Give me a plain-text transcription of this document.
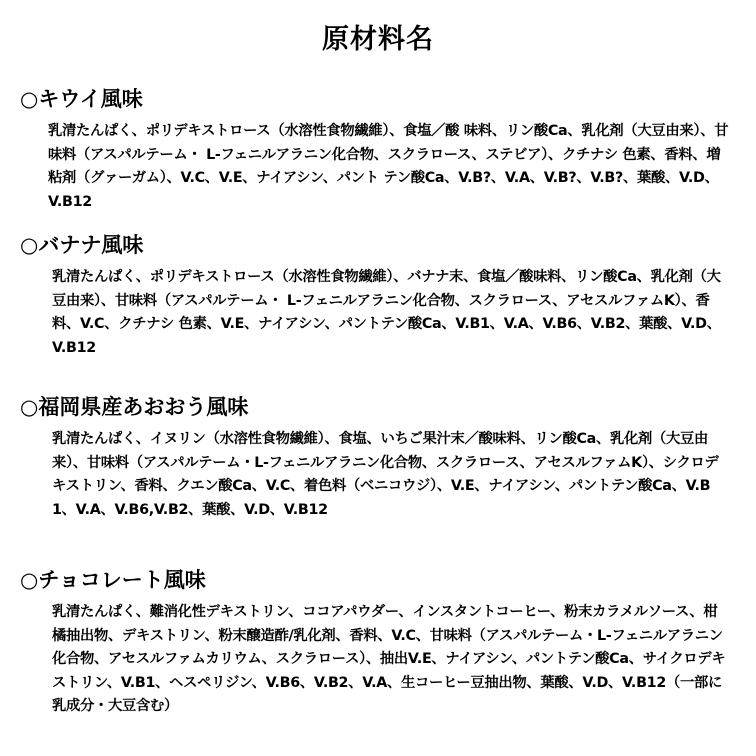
原材料名

○キウイ風味

乳清たんぱく、ポリデキストロース（水溶性食物繊維）、食塩／酸 味料、リン酸Ca、乳化剤（大豆由来）、甘味料（アスパルテーム・ L-フェニルアラニン化合物、スクラロース、ステビア）、クチナシ 色素、香料、増粘剤（グァーガム）、V.C、V.E、ナイアシン、パント テン酸Ca、V.B?、V.A、V.B?、V.B?、葉酸、V.D、V.B12

○バナナ風味

乳清たんぱく、ポリデキストロース（水溶性食物繊維）、バナナ末、食塩／酸味料、リン酸Ca、乳化剤（大豆由来）、甘味料（アスパルテーム・ L-フェニルアラニン化合物、スクラロース、アセスルファムK）、香料、V.C、クチナシ 色素、V.E、ナイアシン、パントテン酸Ca、V.B1、V.A、V.B6、V.B2、葉酸、V.D、V.B12

○福岡県産あおおう風味

乳清たんぱく、イヌリン（水溶性食物繊維）、食塩、いちご果汁末／酸味料、リン酸Ca、乳化剤（大豆由来）、甘味料（アスパルテーム・L-フェニルアラニン化合物、スクラロース、アセスルファムK）、シクロデキストリン、香料、クエン酸Ca、V.C、着色料（ベニコウジ）、V.E、ナイアシン、パントテン酸Ca、V.B1、V.A、V.B6,V.B2、葉酸、V.D、V.B12

○チョコレート風味

乳清たんぱく、難消化性デキストリン、ココアパウダー、インスタントコーヒー、粉末カラメルソース、柑橘抽出物、デキストリン、粉末醸造酢/乳化剤、香料、V.C、甘味料（アスパルテーム・L-フェニルアラニン化合物、アセスルファムカリウム、スクラロース）、抽出V.E、ナイアシン、パントテン酸Ca、サイクロデキストリン、V.B1、ヘスペリジン、V.B6、V.B2、V.A、生コーヒー豆抽出物、葉酸、V.D、V.B12（一部に乳成分・大豆含む）
